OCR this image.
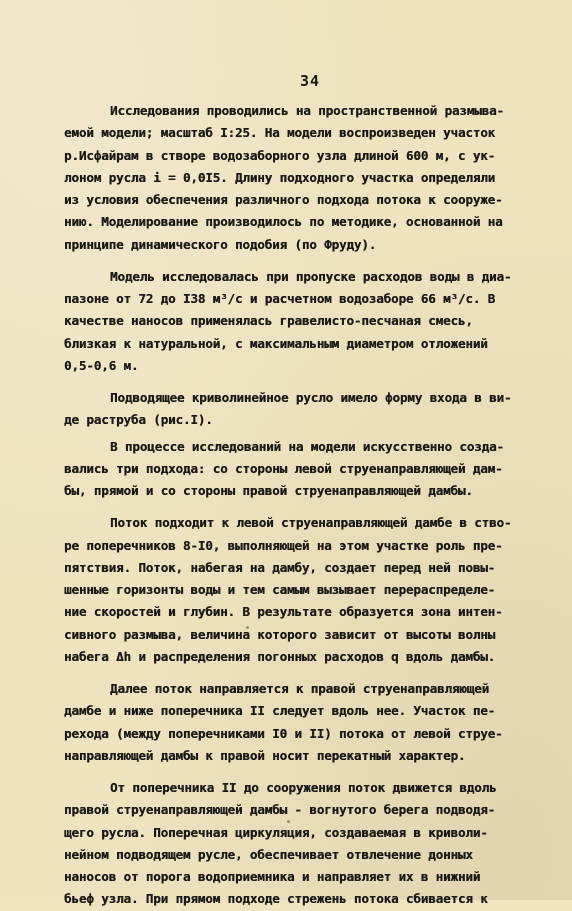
34
Исследования проводились на пространственной размыва-
емой модели; масштаб I:25. На модели воспроизведен участок
р.Исфайрам в створе водозаборного узла длиной 600 м, с ук-
лоном русла i = 0,0I5. Длину подходного участка определяли
из условия обеспечения различного подхода потока к сооруже-
нию. Моделирование производилось по методике, основанной на
принципе динамического подобия (по Фруду).
Модель исследовалась при пропуске расходов воды в диа-
пазоне от 72 до I38 м³/с и расчетном водозаборе 66 м³/с. В
качестве наносов применялась гравелисто-песчаная смесь,
близкая к натуральной, с максимальным диаметром отложений
0,5-0,6 м.
Подводящее криволинейное русло имело форму входа в ви-
де раструба (рис.I).
В процессе исследований на модели искусственно созда-
вались три подхода: со стороны левой струенаправляющей дам-
бы, прямой и со стороны правой струенаправляющей дамбы.
Поток подходит к левой струенаправляющей дамбе в ство-
ре поперечников 8-I0, выполняющей на этом участке роль пре-
пятствия. Поток, набегая на дамбу, создает перед ней повы-
шенные горизонты воды и тем самым вызывает перераспределе-
ние скоростей и глубин. В результате образуется зона интен-
сивного размыва, величина которого зависит от высоты волны
набега Δh и распределения погонных расходов q вдоль дамбы.
Далее поток направляется к правой струенаправляющей
дамбе и ниже поперечника II следует вдоль нее. Участок пе-
рехода (между поперечниками I0 и II) потока от левой струе-
направляющей дамбы к правой носит перекатный характер.
От поперечника II до сооружения поток движется вдоль
правой струенаправляющей дамбы - вогнутого берега подводя-
щего русла. Поперечная циркуляция, создаваемая в криволи-
нейном подводящем русле, обеспечивает отвлечение донных
наносов от порога водоприемника и направляет их в нижний
бьеф узла. При прямом подходе стрежень потока сбивается к
